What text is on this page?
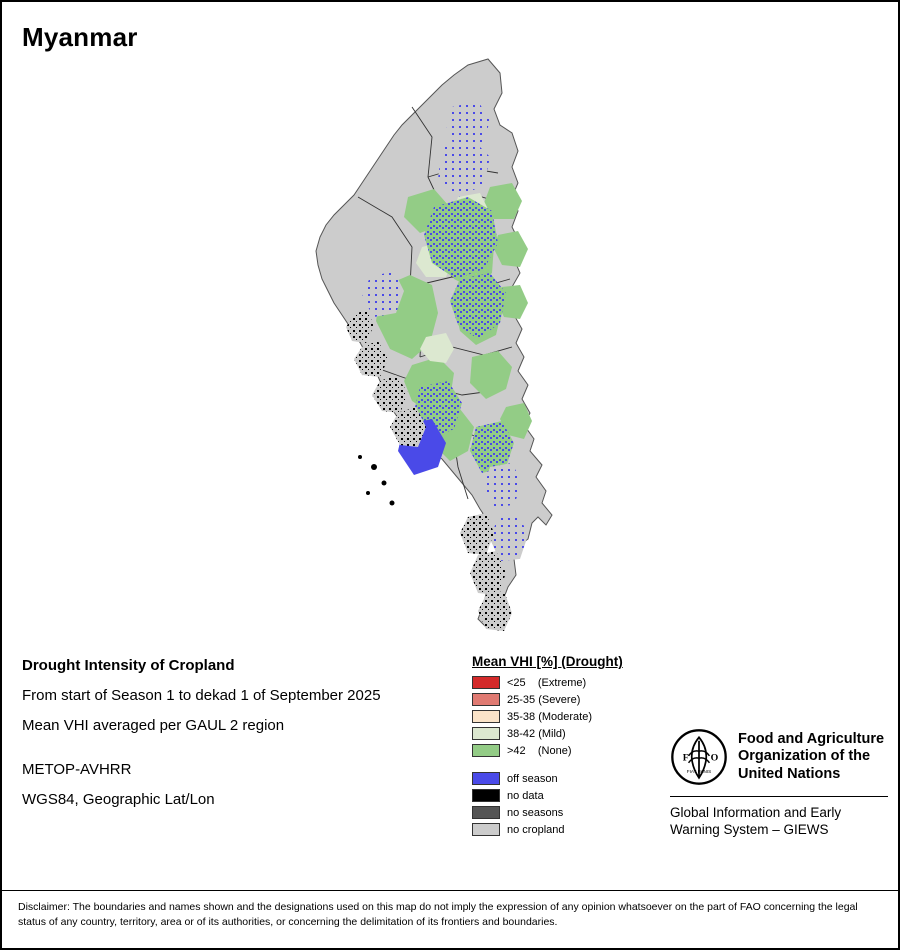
Myanmar
Drought Intensity of Cropland
From start of Season 1 to dekad 1 of September 2025
Mean VHI averaged per GAUL 2 region
METOP-AVHRR
WGS84, Geographic Lat/Lon
Mean VHI [%] (Drought)
<25    (Extreme)
25-35 (Severe)
35-38 (Moderate)
38-42 (Mild)
>42    (None)
off season
no data
no seasons
no cropland
F O
FIAT PANIS
Food and Agriculture
Organization of the
United Nations
Global Information and Early
Warning System – GIEWS
Disclaimer: The boundaries and names shown and the designations used on this map do not imply the expression of any opinion whatsoever on the part of FAO concerning the legal status of any country, territory, area or of its authorities, or concerning the delimitation of its frontiers and boundaries.
